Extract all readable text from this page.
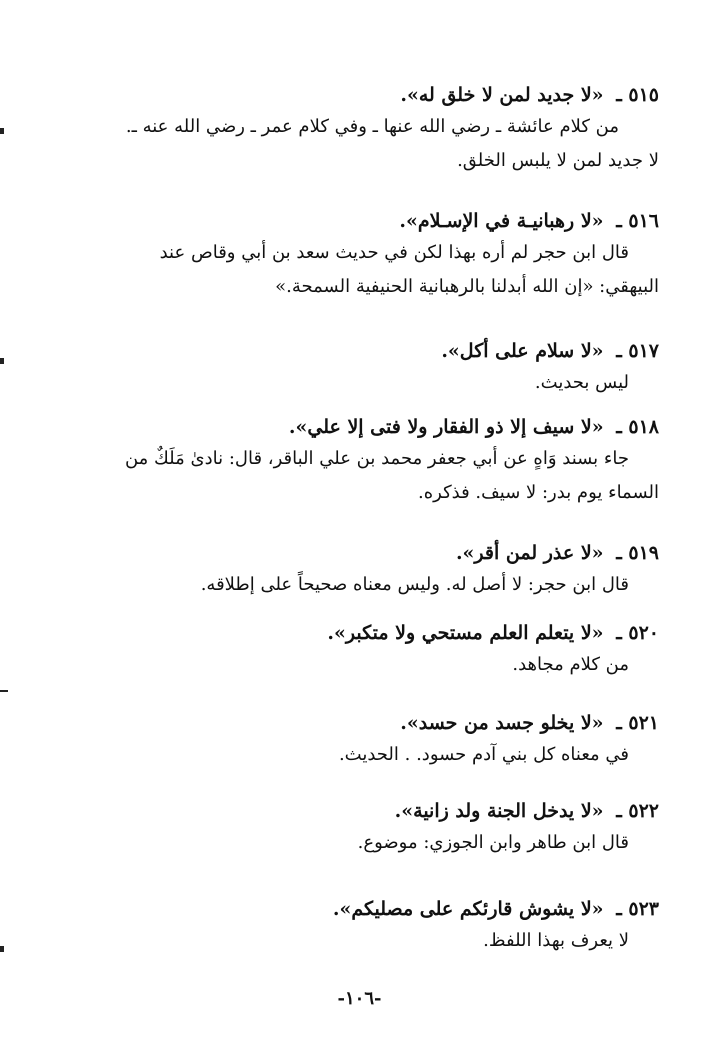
٥١٥ ـ «لا جديد لمن لا خلق له».
من كلام عائشة ـ رضي الله عنها ـ وفي كلام عمر ـ رضي الله عنه ـ.
لا جديد لمن لا يلبس الخلق.
٥١٦ ـ «لا رهبانيـة في الإسـلام».
قال ابن حجر لم أره بهذا لكن في حديث سعد بن أبي وقاص عند
البيهقي: «إن الله أبدلنا بالرهبانية الحنيفية السمحة.»
٥١٧ ـ «لا سلام على أكل».
ليس بحديث.
٥١٨ ـ «لا سيف إلا ذو الفقار ولا فتى إلا علي».
جاء بسند وَاهٍ عن أبي جعفر محمد بن علي الباقر، قال: نادىٰ مَلَكٌ من
السماء يوم بدر: لا سيف. فذكره.
٥١٩ ـ «لا عذر لمن أقر».
قال ابن حجر: لا أصل له. وليس معناه صحيحاً على إطلاقه.
٥٢٠ ـ «لا يتعلم العلم مستحي ولا متكبر».
من كلام مجاهد.
٥٢١ ـ «لا يخلو جسد من حسد».
في معناه كل بني آدم حسود. . الحديث.
٥٢٢ ـ «لا يدخل الجنة ولد زانية».
قال ابن طاهر وابن الجوزي: موضوع.
٥٢٣ ـ «لا يشوش قارئكم على مصليكم».
لا يعرف بهذا اللفظ.
-١٠٦-
